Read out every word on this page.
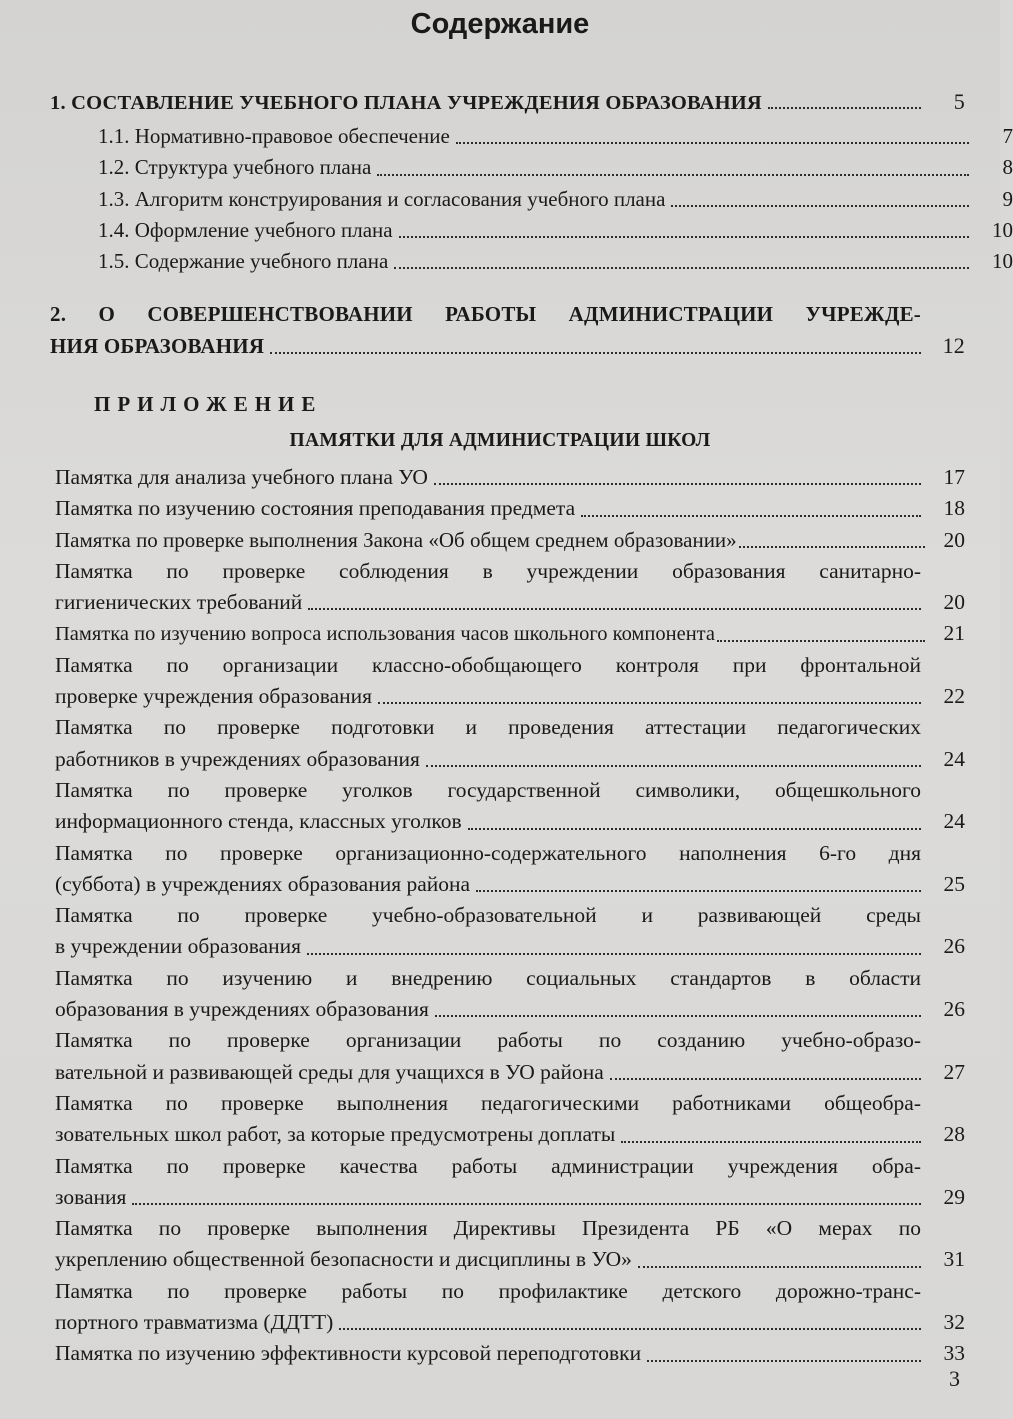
Содержание
1. СОСТАВЛЕНИЕ УЧЕБНОГО ПЛАНА УЧРЕЖДЕНИЯ ОБРАЗОВАНИЯ	5
1.1. Нормативно-правовое обеспечение	7
1.2. Структура учебного плана	8
1.3. Алгоритм конструирования и согласования учебного плана	9
1.4. Оформление учебного плана	10
1.5. Содержание учебного плана	10
2. О СОВЕРШЕНСТВОВАНИИ РАБОТЫ АДМИНИСТРАЦИИ УЧРЕЖДЕ-
НИЯ ОБРАЗОВАНИЯ	12
ПРИЛОЖЕНИЕ
ПАМЯТКИ ДЛЯ АДМИНИСТРАЦИИ ШКОЛ
Памятка для анализа учебного плана УО	17
Памятка по изучению состояния преподавания предмета	18
Памятка по проверке выполнения Закона «Об общем среднем образовании»	20
Памятка по проверке соблюдения в учреждении образования санитарно-
гигиенических требований	20
Памятка по изучению вопроса использования часов школьного компонента	21
Памятка по организации классно-обобщающего контроля при фронтальной
проверке учреждения образования	22
Памятка по проверке подготовки и проведения аттестации педагогических
работников в учреждениях образования	24
Памятка по проверке уголков государственной символики, общешкольного
информационного стенда, классных уголков	24
Памятка по проверке организационно-содержательного наполнения 6-го дня
(суббота) в учреждениях образования района	25
Памятка по проверке учебно-образовательной и развивающей среды
в учреждении образования	26
Памятка по изучению и внедрению социальных стандартов в области
образования в учреждениях образования	26
Памятка по проверке организации работы по созданию учебно-образо-
вательной и развивающей среды для учащихся в УО района	27
Памятка по проверке выполнения педагогическими работниками общеобра-
зовательных школ работ, за которые предусмотрены доплаты	28
Памятка по проверке качества работы администрации учреждения обра-
зования	29
Памятка по проверке выполнения Директивы Президента РБ «О мерах по
укреплению общественной безопасности и дисциплины в УО»	31
Памятка по проверке работы по профилактике детского дорожно-транс-
портного травматизма (ДДТТ)	32
Памятка по изучению эффективности курсовой переподготовки	33
3
